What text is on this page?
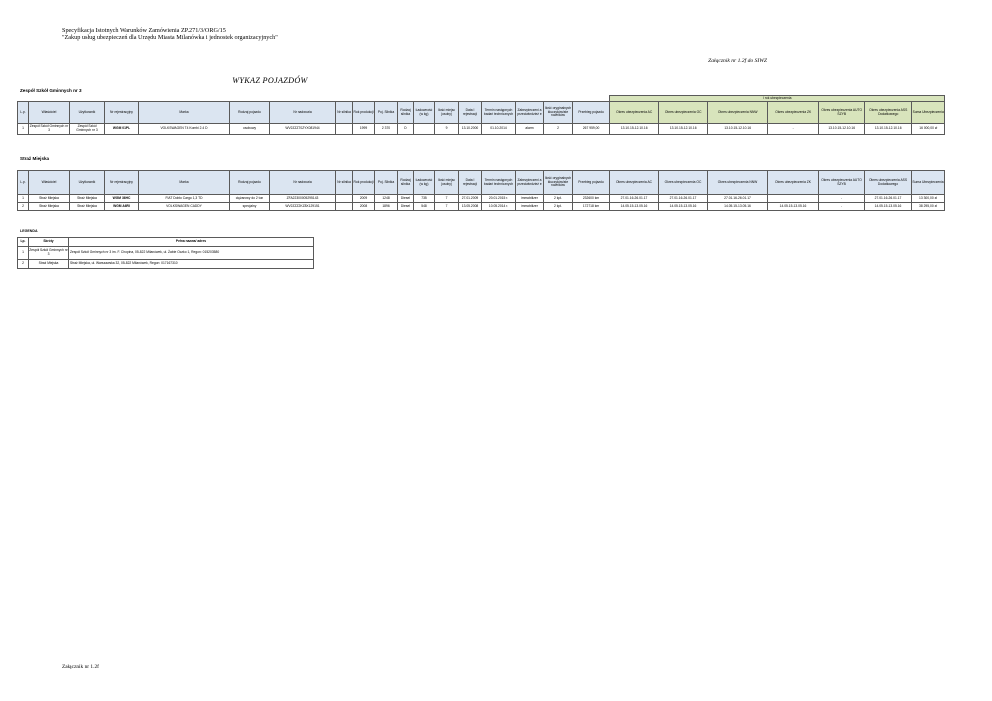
Specyfikacja Istotnych Warunków Zamówienia ZP.271/3/ORG/15
"Zakup usług ubezpieczeń dla Urzędu Miasta Milanówka i jednostek organizacyjnych"
Załącznik nr 1.2f do SIWZ
WYKAZ POJAZDÓW
Zespół Szkół Gminnych nr 3
																		I rok ubezpieczenia						
L.p.	Właściciel	Użytkownik	Nr rejestracyjny	Marka	Rodzaj pojazdu	Nr nadwozia	Nr silnika	Rok produkcji	Poj. Silnika	Rodzaj silnika	Ładowność (w kg)	Ilość miejsc (osoby)	Data I rejestracji	Termin następnych badań technicznych	Zabezpieczeni a przeciwkrdzież e	Ilość oryginalnych kluczyków/ste rowników	Przebieg pojazdu	Okres ubezpieczenia AC	Okres ubezpieczenia OC	Okres ubezpieczenia NNW	Okres ubezpieczenia ZK	Okres ubezpieczenia AUTO SZYB	Okres ubezpieczenia ASS Dodatkowego	Suma Ubezpieczenia
1	Zespół Szkół Gminnych nr 3	Zespół Szkół Gminnych nr 3	WGM 01PL	VOLKSWAGEN T4 Kombi 2.4 D	osobowy	WV2ZZZ70ZYX081944		1999	2 370	D		9	13.10.2000	01.10.2014	alarm	2	267 959,00	13.10.15-12.10.16	13.10.15-12.10.16	13.10.15-12.10.16	-	13.10.15-12.10.16	13.10.15-12.10.16	16 000,00 zł
Straż Miejska
L.p.	Właściciel	Użytkownik	Nr rejestracyjny	Marka	Rodzaj pojazdu	Nr nadwozia	Nr silnika	Rok produkcji	Poj. Silnika	Rodzaj silnika	Ładowność (w kg)	Ilość miejsc (osoby)	Data I rejestracji	Termin następnych badań technicznych	Zabezpieczeni a przeciwkrdzież e	Ilość oryginalnych kluczyków/ste rowników	Przebieg pojazdu	Okres ubezpieczenia AC	Okres ubezpieczenia OC	Okres ubezpieczenia NNW	Okres ubezpieczenia ZK	Okres ubezpieczenia AUTO SZYB	Okres ubezpieczenia ASS Dodatkowego	Suma Ubezpieczenia
1	Straż Miejska	Straż Miejska	WGM 36HC	FIAT Doblo Cargo 1,3 TD	ciężarowy do 2 ton	ZFA22300005295143		2009	1248	Diesel	735	7	27.01.2009	20.01.2015 r.	immobilizer	2 kpl.	232600 km	27.01.16-26.01.17	27.01.16-26.01.17	27.01.16-26.01.17		-	27.01.16-26.01.17	13 300,00 zł
2	Straż Miejska	Straż Miejska	WGM A6RI	VOLKSWAGEN CADDY	specjalny	WV2ZZZ2KZ8X129151		2008	1896	Diesel	548	7	13.05.2008	10.05.2014 r.	immobilizer	2 kpl.	172718 km	14.05.15-13.05.16	14.05.15-13.05.16	14.05.15-13.05.16	14.05.15-13.05.16	-	14.05.15-13.05.16	38 295,00 zł
LEGENDA
Lp.	Skróty	Pełna nazwa/ adres
1	Zespół Szkół Gminnych nr 3	Zespół Szkół Gminnych nr 3 im. F. Chopina, 05-822 Milanówek, ul. Żabie Oczko 1, Regon: 015203580
2	Straż Miejska	Straż Miejska, ul. Warszawska 32, 05-822 Milanówek, Regon: 017167310
Załącznik nr 1.2f
